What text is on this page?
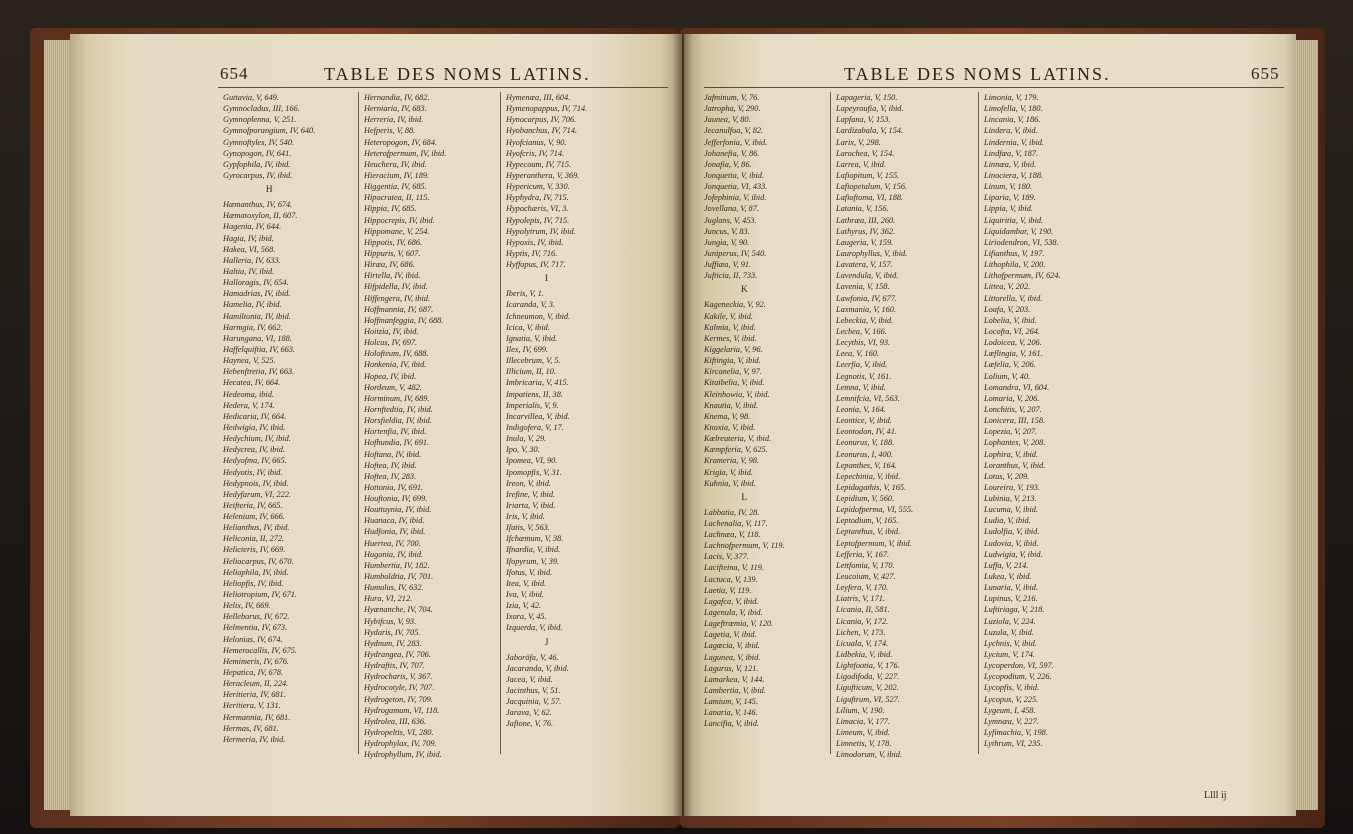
654	TABLE DES NOMS LATINS.
Guttavia, V, 649.
Gymnocladus, III, 166.
Gymnoplenna, V, 251.
Gymnofporangium, IV, 640.
Gymnoftyles, IV, 540.
Gynopogon, IV, 641.
Gypfophila, IV, ibid.
Gyrocarpus, IV, ibid.
H
Hæmanthus, IV, 674.
Hæmatoxylon, II, 607.
Hagenia, IV, 644.
Hagia, IV, ibid.
Hakea, VI, 568.
Halleria, IV, 633.
Haltia, IV, ibid.
Halloragis, IV, 654.
Hamadrias, IV, ibid.
Hamelia, IV, ibid.
Hamiltonia, IV, ibid.
Harmgia, IV, 662.
Harungana, VI, 188.
Haffelquiftia, IV, 663.
Haynea, V, 525.
Hebenftretia, IV, 663.
Hecatea, IV, 664.
Hedeoma, ibid.
Hedera, V, 174.
Hedicaria, IV, 664.
Hedwigia, IV, ibid.
Hedychium, IV, ibid.
Hedycrea, IV, ibid.
Hedyofma, IV, 665.
Hedyotis, IV, ibid.
Hedypnois, IV, ibid.
Hedyfarum, VI, 222.
Heifteria, IV, 665.
Helenium, IV, 666.
Helianthus, IV, ibid.
Heliconia, II, 272.
Helicteris, IV, 669.
Heliocarpus, IV, 670.
Heliophila, IV, ibid.
Heliopfis, IV, ibid.
Heliotropium, IV, 671.
Helix, IV, 669.
Helleborus, IV, 672.
Helmentia, IV, 673.
Helonias, IV, 674.
Hemerocallis, IV, 675.
Hemimeris, IV, 676.
Hepatica, IV, 678.
Heracleum, II, 224.
Heritieria, IV, 681.
Heritiera, V, 131.
Hermannia, IV, 681.
Hermas, IV, 681.
Hermeria, IV, ibid.
Hernandia, IV, 682.
Herniaria, IV, 683.
Herreria, IV, ibid.
Hefperis, V, 88.
Heteropogon, IV, 684.
Heterofpermum, IV, ibid.
Heuchera, IV, ibid.
Hieracium, IV, 189.
Higgentia, IV, 685.
Hipocratea, II, 115.
Hippia, IV, 685.
Hippocrepis, IV, ibid.
Hippomane, V, 254.
Hippotis, IV, 686.
Hippuris, V, 607.
Hiræa, IV, 686.
Hirtella, IV, ibid.
Hifpidella, IV, ibid.
Hiffengera, IV, ibid.
Hoffmannia, IV, 687.
Hoffmanfeggia, IV, 688.
Hoitzia, IV, ibid.
Holcus, IV, 697.
Holofteum, IV, 688.
Honkenia, IV, ibid.
Hopea, IV, ibid.
Hordeum, V, 482.
Horminum, IV, 689.
Hornftedtia, IV, ibid.
Horsfieldia, IV, ibid.
Hortenfia, IV, ibid.
Hofhundia, IV, 691.
Hoftana, IV, ibid.
Hoftea, IV, ibid.
Hoftea, IV, 283.
Hottonia, IV, 691.
Houftonia, IV, 699.
Houttuynia, IV, ibid.
Huanaca, IV, ibid.
Hudfonia, IV, ibid.
Huertea, IV, 700.
Hugonia, IV, ibid.
Humbertia, IV, 182.
Humboldtia, IV, 701.
Humulus, IV, 632.
Hura, VI, 212.
Hyænanche, IV, 704.
Hybifcus, V, 93.
Hydaris, IV, 705.
Hydnum, IV, 283.
Hydrangea, IV, 706.
Hydraftis, IV, 707.
Hydrocharis, V, 367.
Hydrocotyle, IV, 707.
Hydrogeton, IV, 709.
Hydrogamum, VI, 118.
Hydrolea, III, 636.
Hydropeltis, VI, 280.
Hydrophylax, IV, 709.
Hydrophyllum, IV, ibid.
Hymenæa, III, 604.
Hymenopappus, IV, 714.
Hynocarpus, IV, 706.
Hyobanchus, IV, 714.
Hyofcianus, V, 90.
Hyofcris, IV, 714.
Hypecoum, IV, 715.
Hyperanthera, V, 369.
Hypericum, V, 330.
Hyphydra, IV, 715.
Hypochæris, VI, 3.
Hypolepis, IV, 715.
Hypolytrum, IV, ibid.
Hypoxis, IV, ibid.
Hyptis, IV, 716.
Hyffopus, IV, 717.
I
Iberis, V, 1.
Icaranda, V, 3.
Ichneumon, V, ibid.
Icica, V, ibid.
Ignatia, V, ibid.
Ilex, IV, 699.
Illecebrum, V, 5.
Illicium, II, 10.
Imbricaria, V, 415.
Impatiens, II, 38.
Imperialis, V, 9.
Incarvillea, V, ibid.
Indigofera, V, 17.
Inula, V, 29.
Ipo, V, 30.
Ipomea, VI, 90.
Ipomopfis, V, 31.
Ireon, V, ibid.
Irefine, V, ibid.
Iriarta, V, ibid.
Iris, V, ibid.
Ifatis, V, 563.
Ifchæmum, V, 38.
Ifnardia, V, ibid.
Ifopyrum, V, 39.
Ifotus, V, ibid.
Itea, V, ibid.
Iva, V, ibid.
Izia, V, 42.
Ixora, V, 45.
Izquerda, V, ibid.
J
Jaboröfa, V, 46.
Jacaranda, V, ibid.
Jacea, V, ibid.
Jacinthus, V, 51.
Jacquinia, V, 57.
Jarava, V, 62.
Jafione, V, 76.
TABLE DES NOMS LATINS.	655
Jafminum, V, 76.
Jatropha, V, 290.
Jaunea, V, 80.
Jecanulfoa, V, 82.
Jefferfonia, V, ibid.
Johanefia, V, 86.
Jonafia, V, 86.
Jonquetia, V, ibid.
Jonquetia, VI, 433.
Jofephinia, V, ibid.
Jovellana, V, 87.
Juglans, V, 453.
Juncus, V, 83.
Jungia, V, 90.
Juniperus, IV, 540.
Juffiæa, V, 91.
Jufticia, II, 733.
K
Kageneckia, V, 92.
Kakile, V, ibid.
Kalmia, V, ibid.
Kermes, V, ibid.
Kiggelaria, V, 96.
Kiftingia, V, ibid.
Kircanelia, V, 97.
Kitaibelia, V, ibid.
Kleinhowia, V, ibid.
Knautia, V, ibid.
Knema, V, 98.
Knoxia, V, ibid.
Kœlreuteria, V, ibid.
Kæmpferia, V, 625.
Krameria, V, 98.
Krigia, V, ibid.
Kuhnia, V, ibid.
L
Labbatia, IV, 28.
Lachenalia, V, 117.
Lachnæa, V, 118.
Lachnofpermum, V, 119.
Lacis, V, 377.
Lacifteina, V, 119.
Lactuca, V, 139.
Laetia, V, 119.
Lagafca, V, ibid.
Lagenula, V, ibid.
Lageftrœmia, V, 120.
Lagetia, V, ibid.
Lagœcia, V, ibid.
Lagunea, V, ibid.
Lagurus, V, 121.
Lamarkea, V, 144.
Lambertia, V, ibid.
Lamium, V, 145.
Lanaria, V, 146.
Lancifia, V, ibid.
Lapageria, V, 150.
Lapeyroufia, V, ibid.
Lapfana, V, 153.
Lardizabala, V, 154.
Larix, V, 298.
Larochea, V, 154.
Larrea, V, ibid.
Lafiopitum, V, 155.
Lafiopetalum, V, 156.
Lafioftoma, VI, 188.
Latania, V, 156.
Lathræa, III, 260.
Lathyrus, IV, 362.
Laugeria, V, 159.
Laurophyllus, V, ibid.
Lavatera, V, 157.
Lavendula, V, ibid.
Lavenia, V, 158.
Lawfonia, IV, 677.
Laxmania, V, 160.
Lebeckia, V, ibid.
Lechea, V, 166.
Lecythis, VI, 93.
Leea, V, 160.
Leerfia, V, ibid.
Legnotis, V, 161.
Lemna, V, ibid.
Lemnifcia, VI, 563.
Leonia, V, 164.
Leontice, V, ibid.
Leontodon, IV, 41.
Leonurus, V, 188.
Leonurus, I, 400.
Lepanthes, V, 164.
Lepechinia, V, ibid.
Lepidagathis, V, 165.
Lepidium, V, 560.
Lepidofperma, VI, 555.
Leptodium, V, 165.
Leptanthus, V, ibid.
Leptofpermum, V, ibid.
Lefferia, V, 167.
Lettfomia, V, 170.
Leucoium, V, 427.
Leyfera, V, 170.
Liatris, V, 171.
Licania, II, 581.
Licania, V, 172.
Lichen, V, 173.
Licuala, V, 174.
Lidbekia, V, ibid.
Lightfootia, V, 176.
Ligodifoda, V, 227.
Ligufticum, V, 202.
Liguftrum, VI, 527.
Lilium, V, 190.
Limacia, V, 177.
Limeum, V, ibid.
Limnetis, V, 178.
Limodorum, V, ibid.
Limonia, V, 179.
Limofella, V, 180.
Lincania, V, 186.
Lindera, V, ibid.
Lindernia, V, ibid.
Lindfæa, V, 187.
Linnæa, V, ibid.
Linociera, V, 188.
Linum, V, 180.
Liparia, V, 189.
Lippia, V, ibid.
Liquiritia, V, ibid.
Liquidambar, V, 190.
Liriodendron, VI, 538.
Lifianthus, V, 197.
Lithophila, V, 200.
Lithofpermum, IV, 624.
Littea, V, 202.
Littorella, V, ibid.
Loafa, V, 203.
Lobelia, V, ibid.
Locofta, VI, 264.
Lodoicea, V, 206.
Lœflingia, V, 161.
Lœfelia, V, 206.
Lolium, V, 40.
Lomandra, VI, 604.
Lomaria, V, 206.
Lonchitis, V, 207.
Lonicera, III, 158.
Lopezia, V, 207.
Lophantes, V, 208.
Lophira, V, ibid.
Loranthus, V, ibid.
Lotus, V, 209.
Loureira, V, 193.
Lubinia, V, 213.
Lucuma, V, ibid.
Ludia, V, ibid.
Ludolfia, V, ibid.
Ludovia, V, ibid.
Ludwigia, V, ibid.
Luffa, V, 214.
Lukea, V, ibid.
Lunaria, V, ibid.
Lupinus, V, 216.
Luftiriaga, V, 218.
Luziola, V, 224.
Luzula, V, ibid.
Lychnis, V, ibid.
Lycium, V, 174.
Lycoperdon, VI, 597.
Lycopodium, V, 226.
Lycopfis, V, ibid.
Lycopus, V, 225.
Lygeum, I, 458.
Lymnæa, V, 227.
Lyfimachia, V, 198.
Lythrum, VI, 235.
Llll ij
